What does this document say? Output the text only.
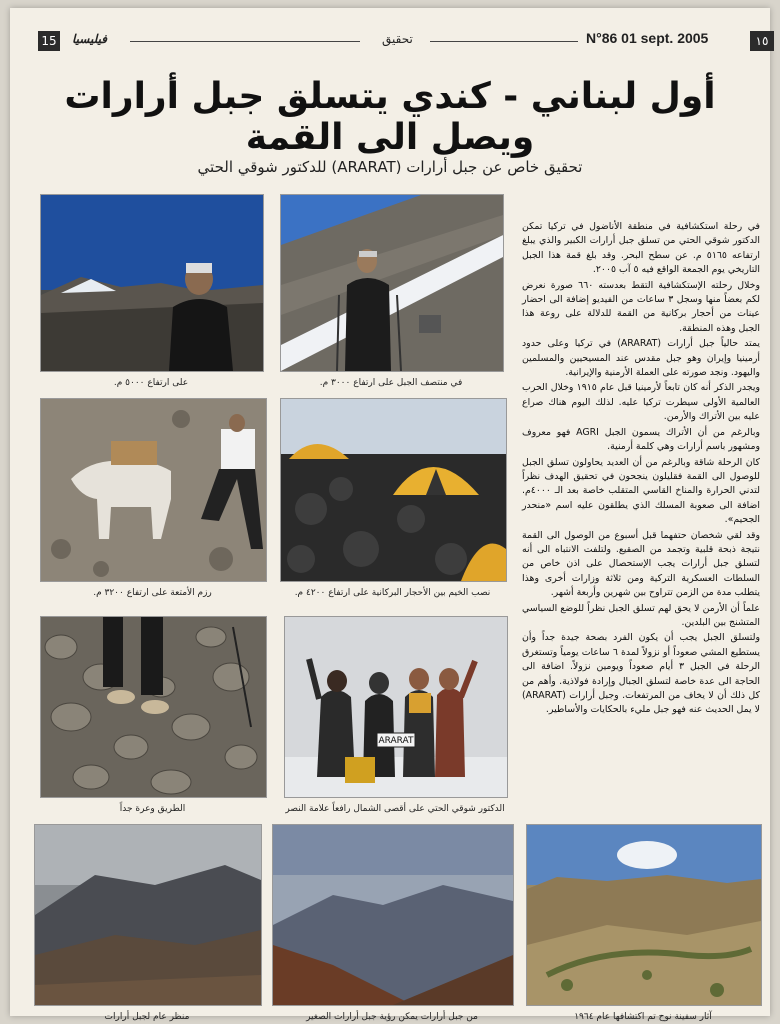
15 فيليسيا	تحقيق	N°86 01 sept. 2005	١٥
أول لبناني - كندي يتسلق جبل أرارات ويصل الى القمة
تحقيق خاص عن جبل أرارات (ARARAT) للدكتور شوقي الحتي
على ارتفاع ٥٠٠٠ م.	في منتصف الجبل على ارتفاع ٣٠٠٠ م.
رزم الأمتعة على ارتفاع ٣٢٠٠ م.	نصب الخيم بين الأحجار البركانية على ارتفاع ٤٢٠٠ م.
الطريق وعرة جداً
ARARAT
الدكتور شوقي الحتي على أقصى الشمال رافعاً علامة النصر
منظر عام لجبل أرارات	من جبل أرارات يمكن رؤية جبل أرارات الصغير	آثار سفينة نوح تم اكتشافها عام ١٩٦٤

في رحلة استكشافية في منطقة الأناضول في تركيا تمكن الدكتور شوقي الحتي من تسلق جبل أرارات الكبير والذي يبلغ ارتفاعه ٥١٦٥ م. عن سطح البحر. وقد بلغ قمة هذا الجبل التاريخي يوم الجمعة الواقع فيه ٥ آب ٢٠٠٥.

وخلال رحلته الإستكشافية التقط بعدسته ٦٦٠ صورة نعرض لكم بعضاً منها وسجل ٣ ساعات من الفيديو إضافة الى احضار عينات من أحجار بركانية من القمة للدلالة على روعة هذا الجبل وهذه المنطقة.

يمتد حالياً جبل أرارات (ARARAT) في تركيا وعلى حدود أرمينيا وإيران وهو جبل مقدس عند المسيحيين والمسلمين واليهود. ونجد صورته على العملة الأرمنية والإيرانية.

ويجدر الذكر أنه كان تابعاً لأرمينيا قبل عام ١٩١٥ وخلال الحرب العالمية الأولى سيطرت تركيا عليه. لذلك اليوم هناك صراع عليه بين الأتراك والأرمن.

وبالرغم من أن الأتراك يسمون الجبل AGRI فهو معروف ومشهور باسم أرارات وهي كلمة أرمنية.

كان الرحلة شاقة وبالرغم من أن العديد يحاولون تسلق الجبل للوصول الى القمة فقليلون ينجحون في تحقيق الهدف نظراً لتدني الحرارة والمناخ القاسي المتقلب خاصة بعد الـ ٤٠٠٠م. اضافة الى صعوبة المسلك الذي يطلقون عليه اسم «منحدر الجحيم».

وقد لقي شخصان حتفهما قبل أسبوع من الوصول الى القمة نتيجة ذبحة قلبية وتجمد من الصقيع. ولتلفت الانتباه الى أنه لتسلق جبل أرارات يجب الإستحصال على اذن خاص من السلطات العسكرية التركية ومن ثلاثة وزارات أخرى وهذا يتطلب مدة من الزمن تتراوح بين شهرين وأربعة أشهر.

علماً أن الأرمن لا يحق لهم تسلق الجبل نظراً للوضع السياسي المتشنج بين البلدين.

ولتسلق الجبل يجب أن يكون الفرد بصحة جيدة جداً وأن يستطيع المشي صعوداً أو نزولاً لمدة ٦ ساعات يومياً وتستغرق الرحلة في الجبل ٣ أيام صعوداً ويومين نزولاً. اضافة الى الحاجة الى عدة خاصة لتسلق الجبال وإرادة فولاذية. وأهم من كل ذلك أن لا يخاف من المرتفعات. وجبل أرارات (ARARAT) لا يمل الحديث عنه فهو جبل مليء بالحكايات والأساطير.
